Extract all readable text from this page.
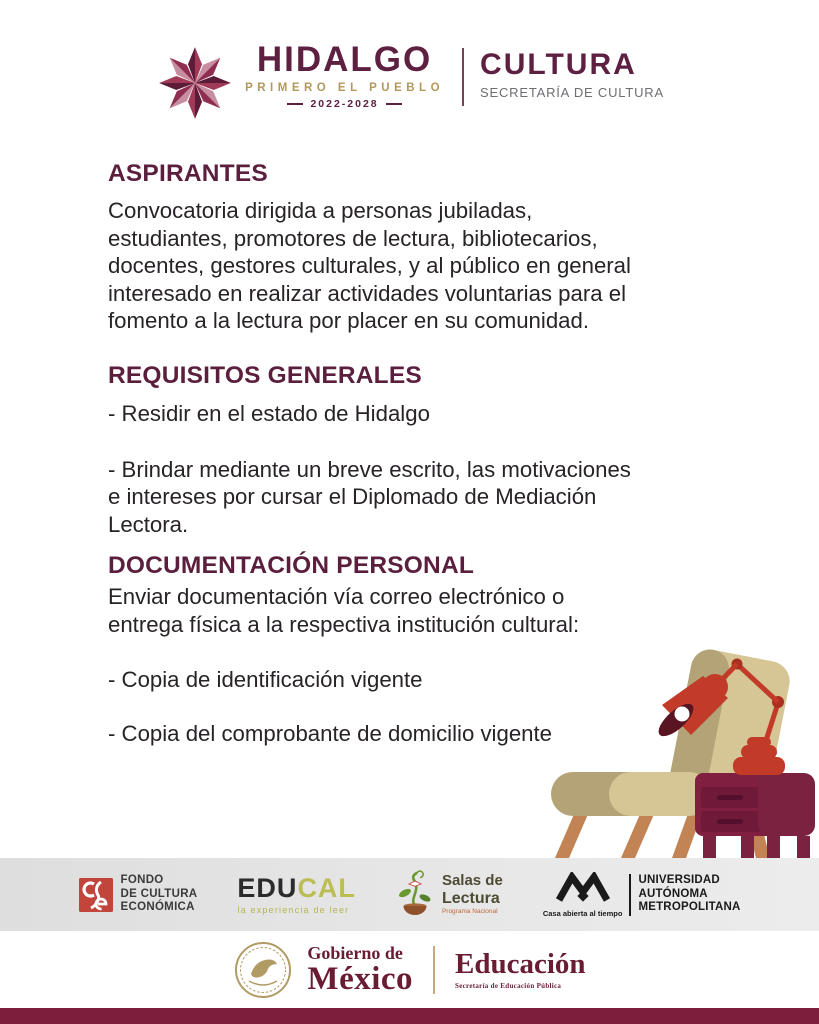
HIDALGO
PRIMERO EL PUEBLO
2022-2028
CULTURA
SECRETARÍA DE CULTURA
ASPIRANTES
Convocatoria dirigida a personas jubiladas,
estudiantes, promotores de lectura, bibliotecarios,
docentes, gestores culturales, y al público en general
interesado en realizar actividades voluntarias para el
fomento a la lectura por placer en su comunidad.
REQUISITOS GENERALES
- Residir en el estado de Hidalgo
- Brindar mediante un breve escrito, las motivaciones
e intereses por cursar el Diplomado de Mediación
Lectora.
DOCUMENTACIÓN PERSONAL
Enviar documentación vía correo electrónico o
entrega física a la respectiva institución cultural:
- Copia de identificación vigente
- Copia del comprobante de domicilio vigente
FONDO
DE CULTURA
ECONÓMICA
EDUCAL
la experiencia de leer
Salas de
Lectura
Programa Nacional	Casa abierta al tiempo
UNIVERSIDAD
AUTÓNOMA
METROPOLITANA
Gobierno de
México Educación
Secretaría de Educación Pública
